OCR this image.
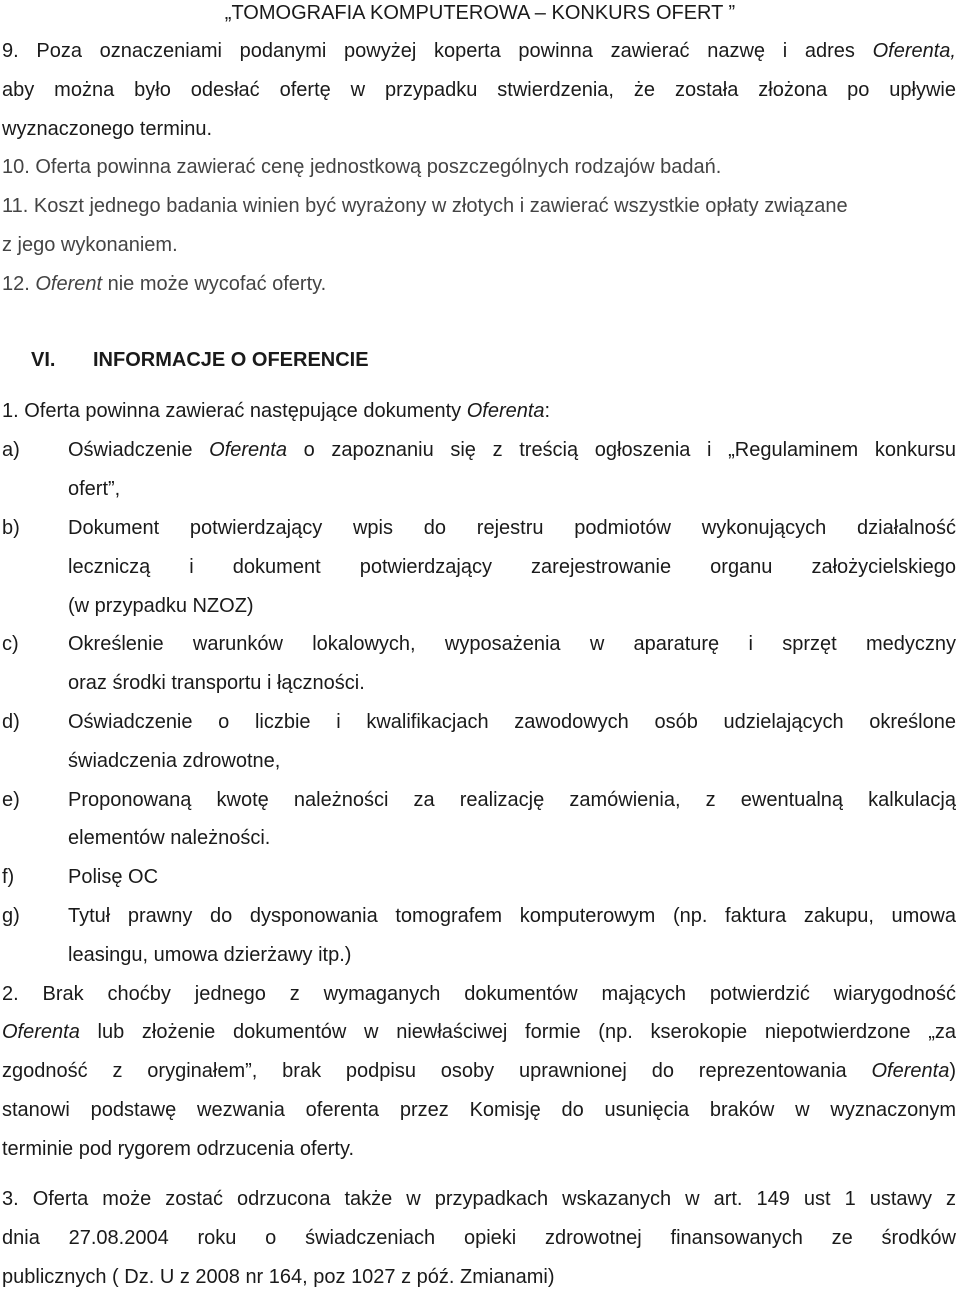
„TOMOGRAFIA KOMPUTEROWA – KONKURS OFERT ”
9. Poza oznaczeniami podanymi powyżej koperta powinna zawierać nazwę i adres Oferenta,
aby można było odesłać ofertę w przypadku stwierdzenia, że została złożona po upływie
wyznaczonego terminu.
10. Oferta powinna zawierać cenę jednostkową poszczególnych rodzajów badań.
11. Koszt jednego badania winien być wyrażony w złotych i zawierać wszystkie opłaty związane
z jego wykonaniem.
12. Oferent nie może wycofać oferty.
VI. INFORMACJE O OFERENCIE
1. Oferta powinna zawierać następujące dokumenty Oferenta:
a) Oświadczenie Oferenta o zapoznaniu się z treścią ogłoszenia i „Regulaminem konkursu
ofert”,
b) Dokument potwierdzający wpis do rejestru podmiotów wykonujących działalność
leczniczą i dokument potwierdzający zarejestrowanie organu założycielskiego
(w przypadku NZOZ)
c) Określenie warunków lokalowych, wyposażenia w aparaturę i sprzęt medyczny
oraz środki transportu i łączności.
d) Oświadczenie o liczbie i kwalifikacjach zawodowych osób udzielających określone
świadczenia zdrowotne,
e) Proponowaną kwotę należności za realizację zamówienia, z ewentualną kalkulacją
elementów należności.
f)	Polisę OC
g) Tytuł prawny do dysponowania tomografem komputerowym (np. faktura zakupu, umowa
leasingu, umowa dzierżawy itp.)
2. Brak choćby jednego z wymaganych dokumentów mających potwierdzić wiarygodność
Oferenta lub złożenie dokumentów w niewłaściwej formie (np. kserokopie niepotwierdzone „za
zgodność z oryginałem”, brak podpisu osoby uprawnionej do reprezentowania Oferenta)
stanowi podstawę wezwania oferenta przez Komisję do usunięcia braków w wyznaczonym
terminie pod rygorem odrzucenia oferty.
3. Oferta może zostać odrzucona także w przypadkach wskazanych w art. 149 ust 1 ustawy z
dnia 27.08.2004 roku o świadczeniach opieki zdrowotnej finansowanych ze środków
publicznych ( Dz. U z 2008 nr 164, poz 1027 z póź. Zmianami)
